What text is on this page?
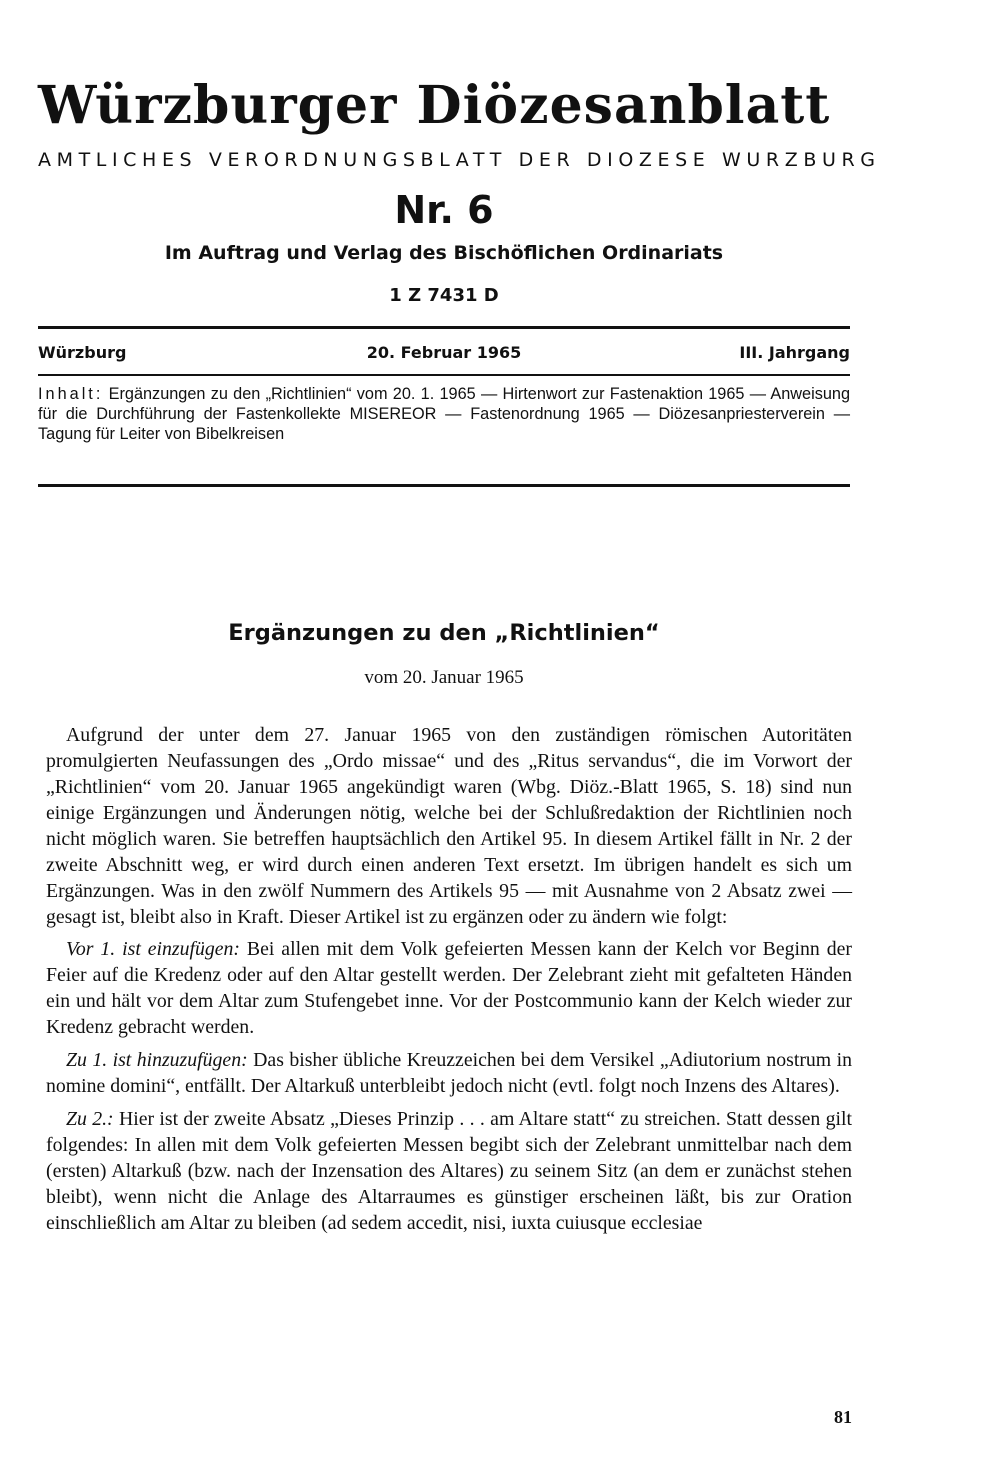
Würzburger Diözesanblatt
AMTLICHES VERORDNUNGSBLATT DER DIOZESE WURZBURG
Nr. 6
Im Auftrag und Verlag des Bischöflichen Ordinariats
1 Z 7431 D
Würzburg	20. Februar 1965	III. Jahrgang

Inhalt: Ergänzungen zu den „Richtlinien“ vom 20. 1. 1965 — Hirtenwort zur Fastenaktion 1965 — Anweisung für die Durchführung der Fastenkollekte MISEREOR — Fastenordnung 1965 — Diözesanpriesterverein — Tagung für Leiter von Bibelkreisen

Ergänzungen zu den „Richtlinien“
vom 20. Januar 1965

Aufgrund der unter dem 27. Januar 1965 von den zuständigen römischen Autoritäten promulgierten Neufassungen des „Ordo missae“ und des „Ritus servandus“, die im Vorwort der „Richtlinien“ vom 20. Januar 1965 angekündigt waren (Wbg. Diöz.-Blatt 1965, S. 18) sind nun einige Ergänzungen und Änderungen nötig, welche bei der Schlußredaktion der Richtlinien noch nicht möglich waren. Sie betreffen hauptsächlich den Artikel 95. In diesem Artikel fällt in Nr. 2 der zweite Abschnitt weg, er wird durch einen anderen Text ersetzt. Im übrigen handelt es sich um Ergänzungen. Was in den zwölf Nummern des Artikels 95 — mit Ausnahme von 2 Absatz zwei — gesagt ist, bleibt also in Kraft. Dieser Artikel ist zu ergänzen oder zu ändern wie folgt:

Vor 1. ist einzufügen: Bei allen mit dem Volk gefeierten Messen kann der Kelch vor Beginn der Feier auf die Kredenz oder auf den Altar gestellt werden. Der Zelebrant zieht mit gefalteten Händen ein und hält vor dem Altar zum Stufengebet inne. Vor der Postcommunio kann der Kelch wieder zur Kredenz gebracht werden.

Zu 1. ist hinzuzufügen: Das bisher übliche Kreuzzeichen bei dem Versikel „Adiutorium nostrum in nomine domini“, entfällt. Der Altarkuß unterbleibt jedoch nicht (evtl. folgt noch Inzens des Altares).

Zu 2.: Hier ist der zweite Absatz „Dieses Prinzip . . . am Altare statt“ zu streichen. Statt dessen gilt folgendes: In allen mit dem Volk gefeierten Messen begibt sich der Zelebrant unmittelbar nach dem (ersten) Altarkuß (bzw. nach der Inzensation des Altares) zu seinem Sitz (an dem er zunächst stehen bleibt), wenn nicht die Anlage des Altarraumes es günstiger erscheinen läßt, bis zur Oration einschließlich am Altar zu bleiben (ad sedem accedit, nisi, iuxta cuiusque ecclesiae

81
